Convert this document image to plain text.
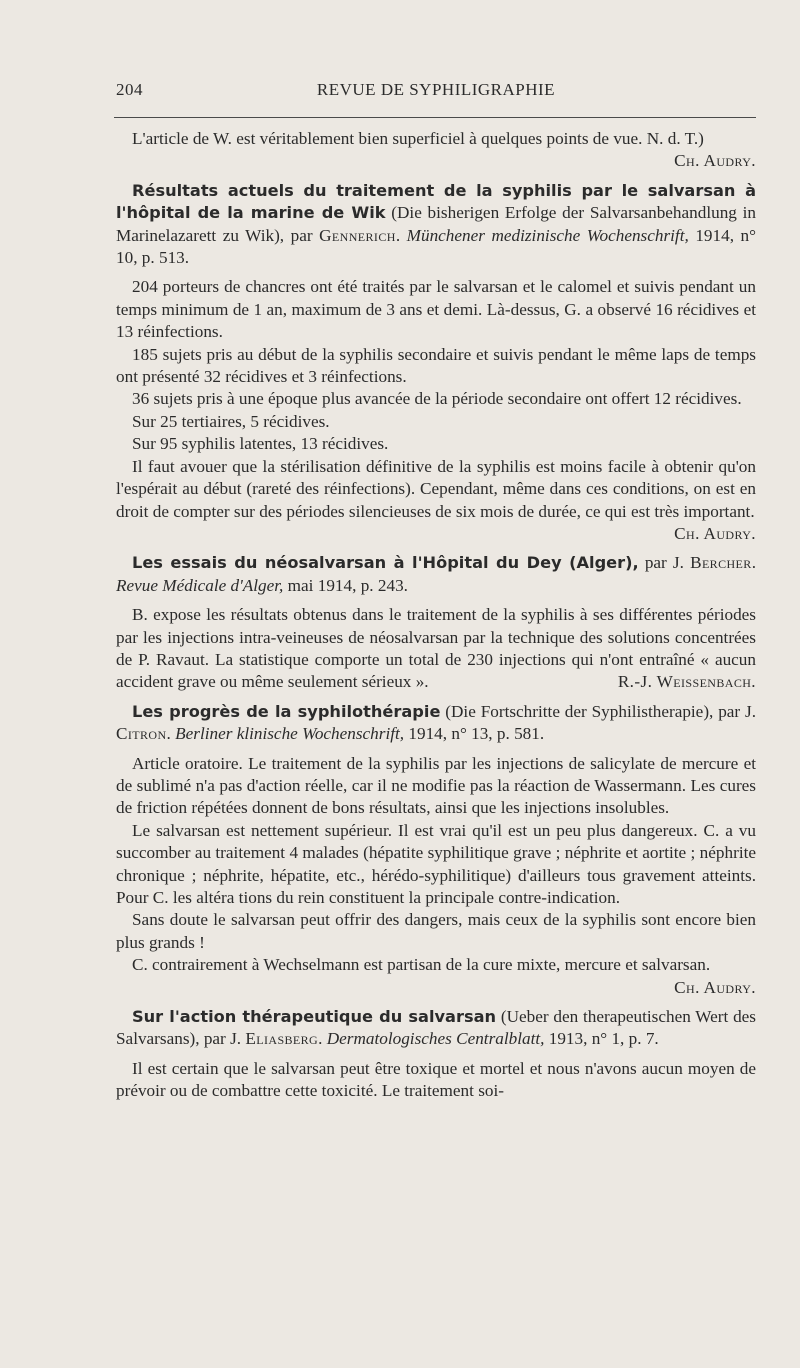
204	REVUE DE SYPHILIGRAPHIE

L'article de W. est véritablement bien superficiel à quelques points de vue. N. d. T.)
Ch. Audry.

Résultats actuels du traitement de la syphilis par le salvarsan à l'hôpital de la marine de Wik (Die bisherigen Erfolge der Salvarsanbehandlung in Marinelazarett zu Wik), par Gennerich. Münchener medizinische Wochenschrift, 1914, n° 10, p. 513.

204 porteurs de chancres ont été traités par le salvarsan et le calomel et suivis pendant un temps minimum de 1 an, maximum de 3 ans et demi. Là-dessus, G. a observé 16 récidives et 13 réinfections.

185 sujets pris au début de la syphilis secondaire et suivis pendant le même laps de temps ont présenté 32 récidives et 3 réinfections.

36 sujets pris à une époque plus avancée de la période secondaire ont offert 12 récidives.

Sur 25 tertiaires, 5 récidives.

Sur 95 syphilis latentes, 13 récidives.

Il faut avouer que la stérilisation définitive de la syphilis est moins facile à obtenir qu'on l'espérait au début (rareté des réinfections). Cependant, même dans ces conditions, on est en droit de compter sur des périodes silencieuses de six mois de durée, ce qui est très important.
Ch. Audry.

Les essais du néosalvarsan à l'Hôpital du Dey (Alger), par J. Bercher. Revue Médicale d'Alger, mai 1914, p. 243.

B. expose les résultats obtenus dans le traitement de la syphilis à ses différentes périodes par les injections intra-veineuses de néosalvarsan par la technique des solutions concentrées de P. Ravaut. La statistique comporte un total de 230 injections qui n'ont entraîné « aucun accident grave ou même seulement sérieux ».	R.-J. Weissenbach.

Les progrès de la syphilothérapie (Die Fortschritte der Syphilistherapie), par J. Citron. Berliner klinische Wochenschrift, 1914, n° 13, p. 581.

Article oratoire. Le traitement de la syphilis par les injections de salicylate de mercure et de sublimé n'a pas d'action réelle, car il ne modifie pas la réaction de Wassermann. Les cures de friction répétées donnent de bons résultats, ainsi que les injections insolubles.

Le salvarsan est nettement supérieur. Il est vrai qu'il est un peu plus dangereux. C. a vu succomber au traitement 4 malades (hépatite syphilitique grave ; néphrite et aortite ; néphrite chronique ; néphrite, hépatite, etc., hérédo-syphilitique) d'ailleurs tous gravement atteints. Pour C. les altéra tions du rein constituent la principale contre-indication.

Sans doute le salvarsan peut offrir des dangers, mais ceux de la syphilis sont encore bien plus grands !

C. contrairement à Wechselmann est partisan de la cure mixte, mercure et salvarsan.
Ch. Audry.

Sur l'action thérapeutique du salvarsan (Ueber den therapeutischen Wert des Salvarsans), par J. Eliasberg. Dermatologisches Centralblatt, 1913, n° 1, p. 7.

Il est certain que le salvarsan peut être toxique et mortel et nous n'avons aucun moyen de prévoir ou de combattre cette toxicité. Le traitement soi-
